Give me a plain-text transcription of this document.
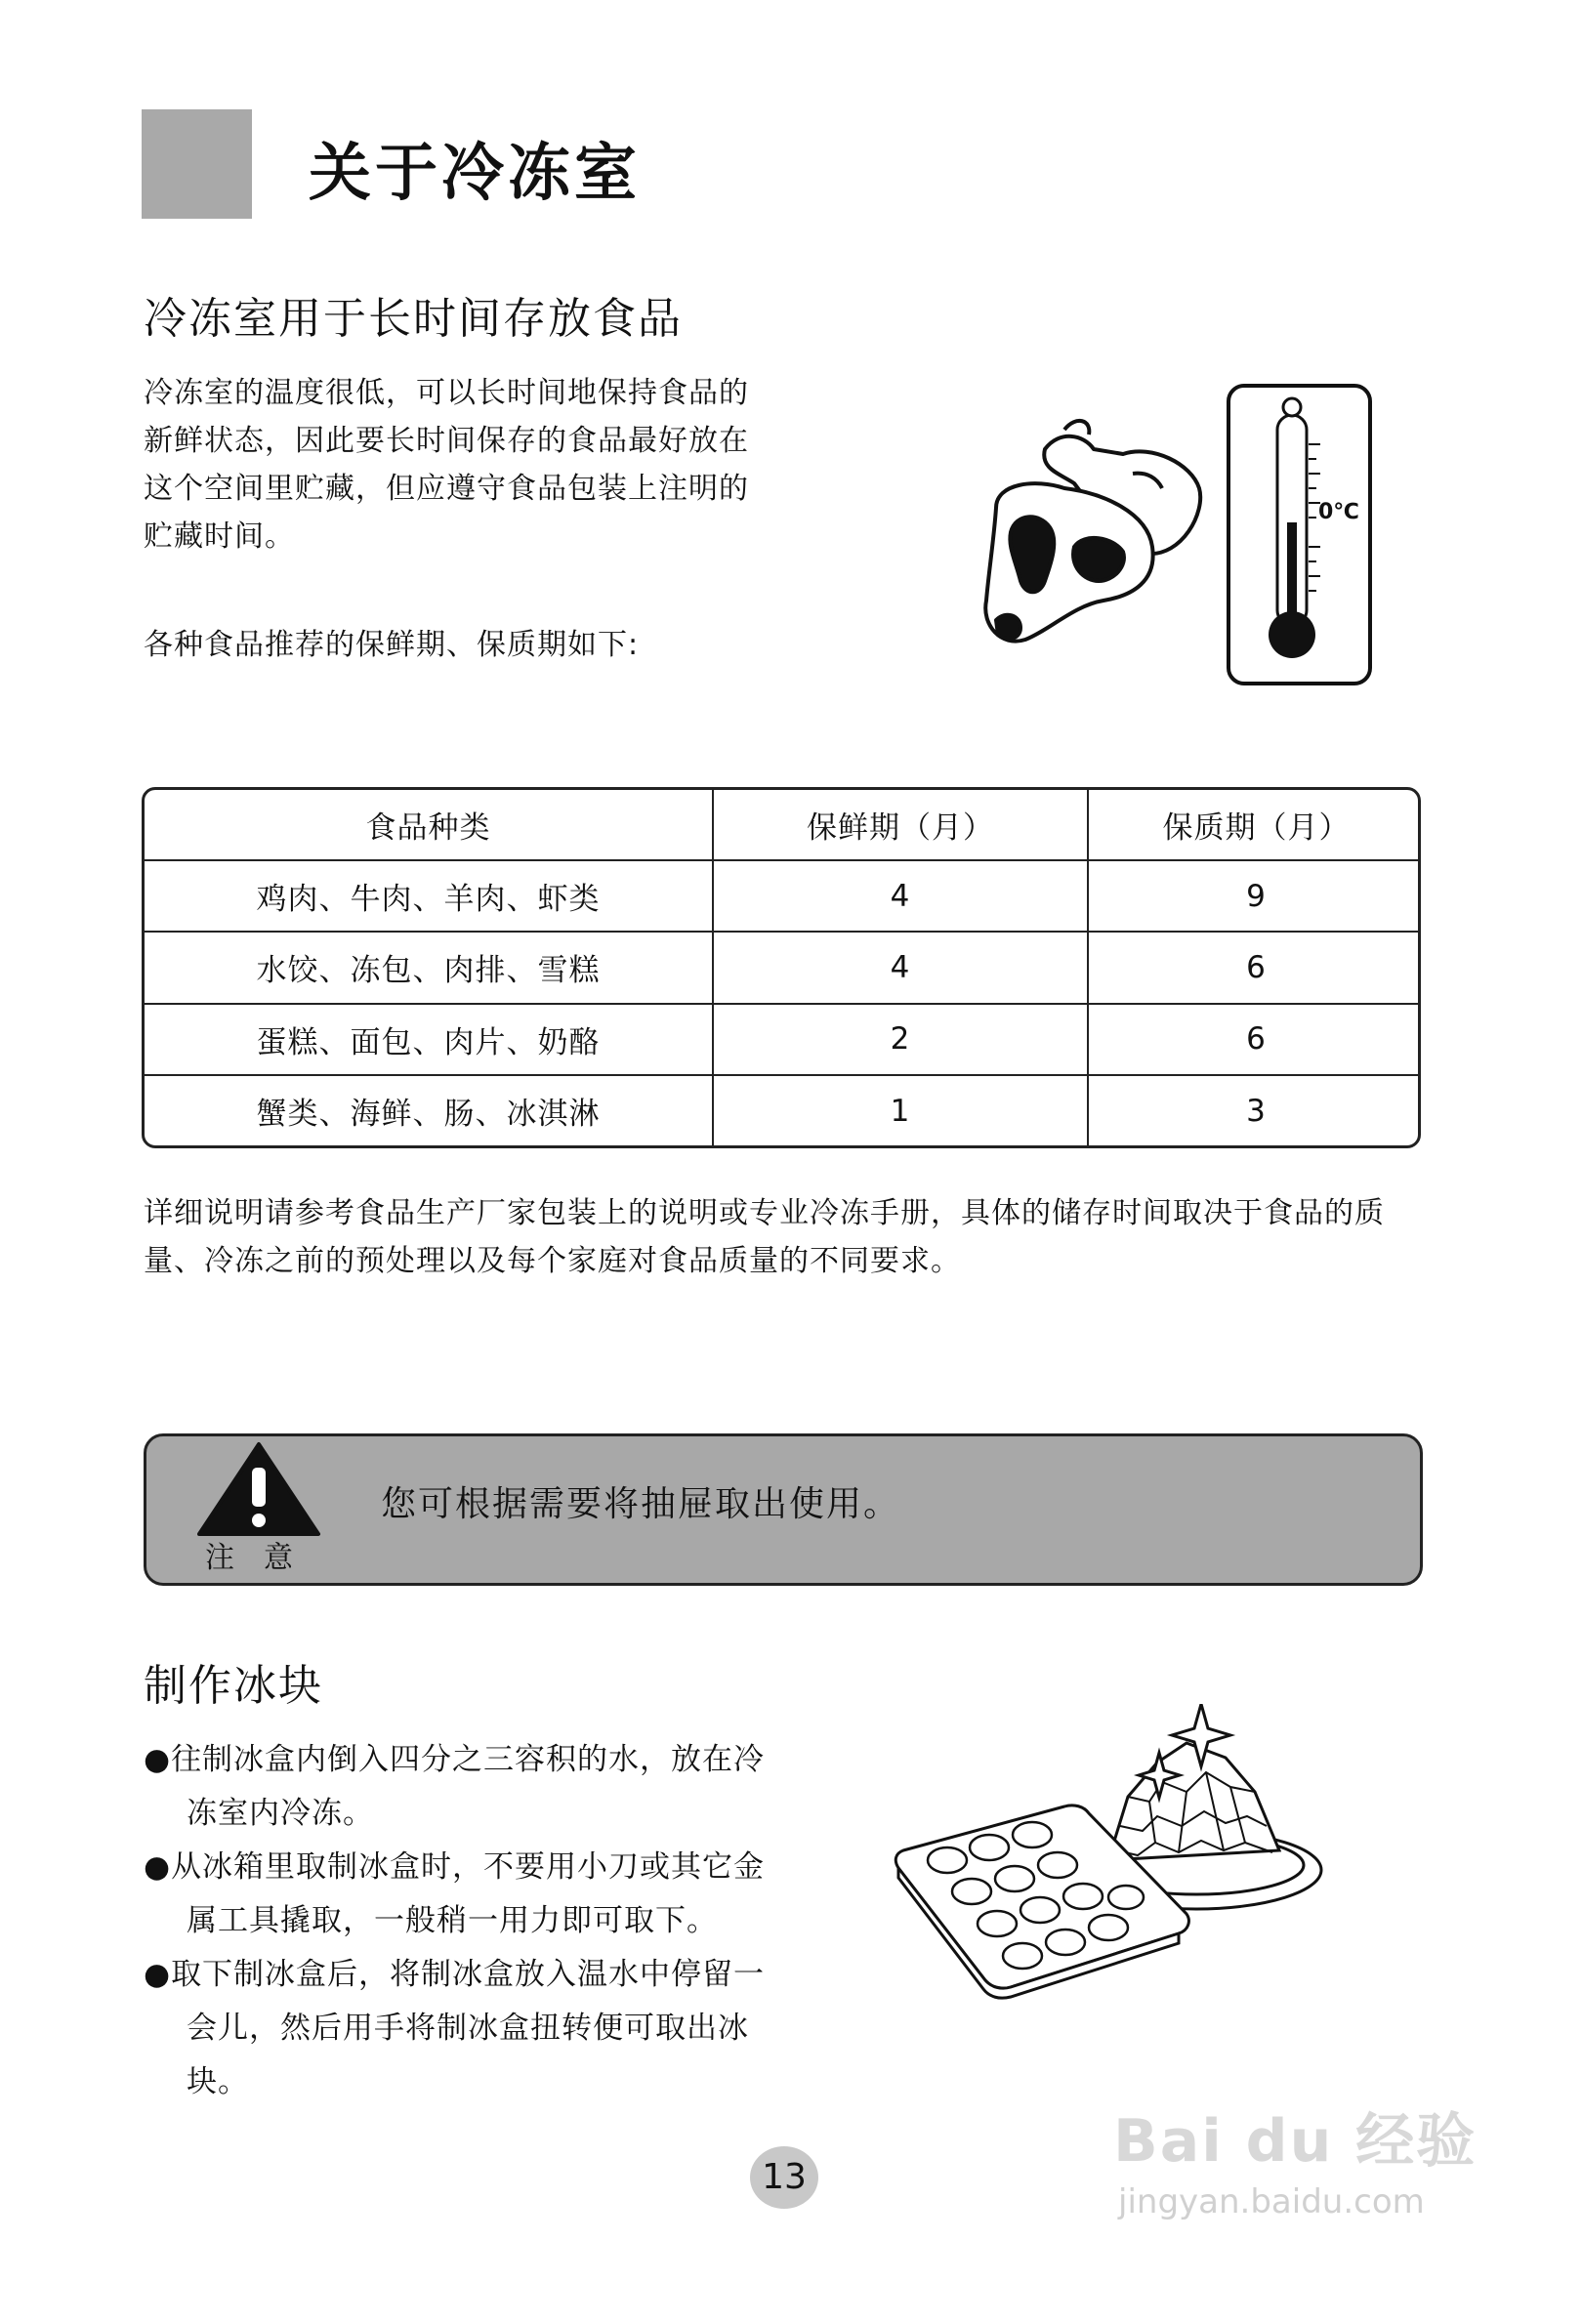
关于冷冻室
冷冻室用于长时间存放食品
冷冻室的温度很低，可以长时间地保持食品的
新鲜状态，因此要长时间保存的食品最好放在
这个空间里贮藏，但应遵守食品包装上注明的
贮藏时间。
各种食品推荐的保鲜期、保质期如下:
0℃
食品种类	保鲜期（月）	保质期（月）
鸡肉、牛肉、羊肉、虾类	4	9
水饺、冻包、肉排、雪糕	4	6
蛋糕、面包、肉片、奶酪	2	6
蟹类、海鲜、肠、冰淇淋	1	3
详细说明请参考食品生产厂家包装上的说明或专业冷冻手册，具体的储存时间取决于食品的质
量、冷冻之前的预处理以及每个家庭对食品质量的不同要求。
注意
您可根据需要将抽屉取出使用。
制作冰块
●往制冰盒内倒入四分之三容积的水，放在冷
冻室内冷冻。
●从冰箱里取制冰盒时，不要用小刀或其它金
属工具撬取，一般稍一用力即可取下。
●取下制冰盒后，将制冰盒放入温水中停留一
会儿，然后用手将制冰盒扭转便可取出冰
块。
13
Bai du 经验
jingyan.baidu.com
